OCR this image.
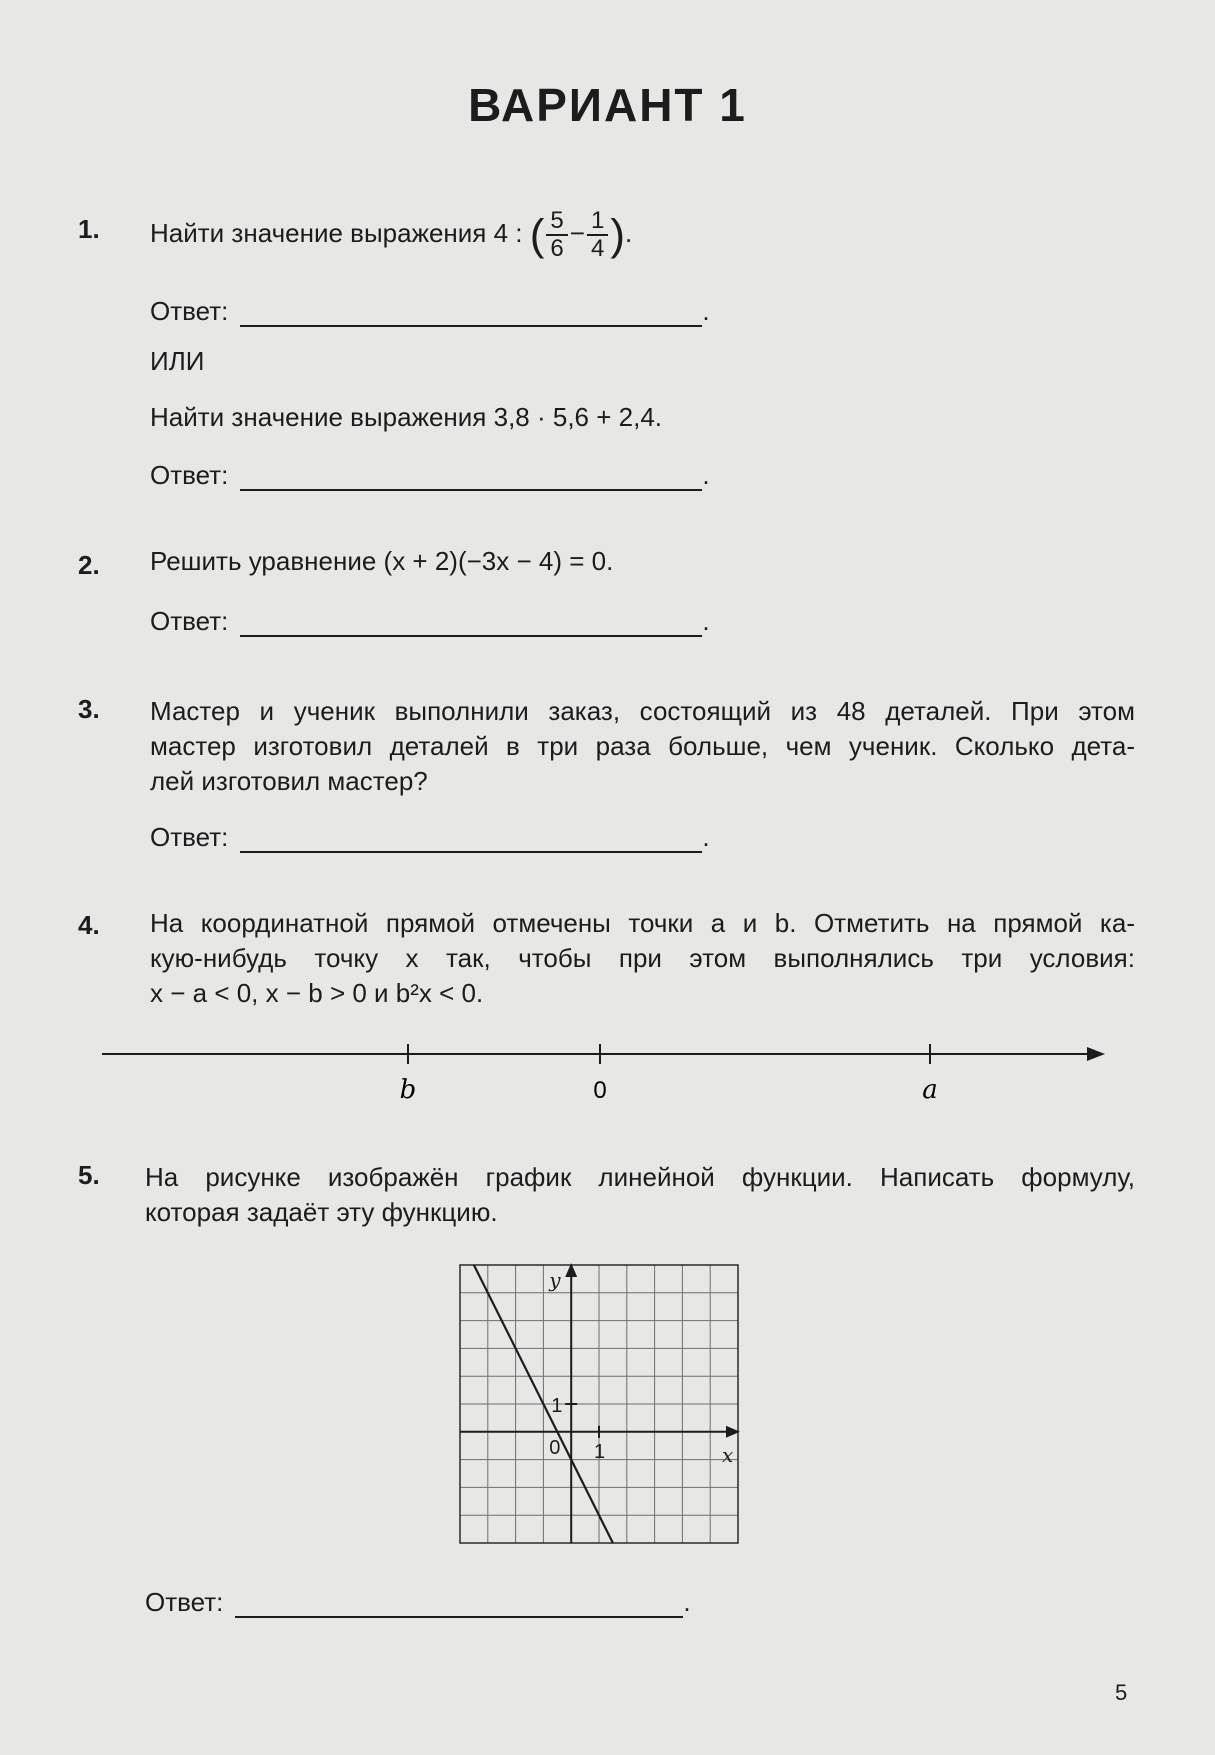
ВАРИАНТ 1
1. Найти значение выражения 4 : ( $\frac{5}{6} - \frac{1}{4}$ ).
Ответ:	.
ИЛИ
Найти значение выражения 3,8 · 5,6 + 2,4.
Ответ:	.
2. Решить уравнение (x + 2)(−3x − 4) = 0.
Ответ:	.
3. Мастер и ученик выполнили заказ, состоящий из 48 деталей. При этом
мастер изготовил деталей в три раза больше, чем ученик. Сколько дета-
лей изготовил мастер?
Ответ:	.
4. На координатной прямой отмечены точки a и b. Отметить на прямой ка-
кую-нибудь точку x так, чтобы при этом выполнялись три условия:
x − a < 0, x − b > 0 и b²x < 0.
b	0	a
5. На рисунке изображён график линейной функции. Написать формулу,
которая задаёт эту функцию.
y
x
1
1
0
Ответ:	.
5
